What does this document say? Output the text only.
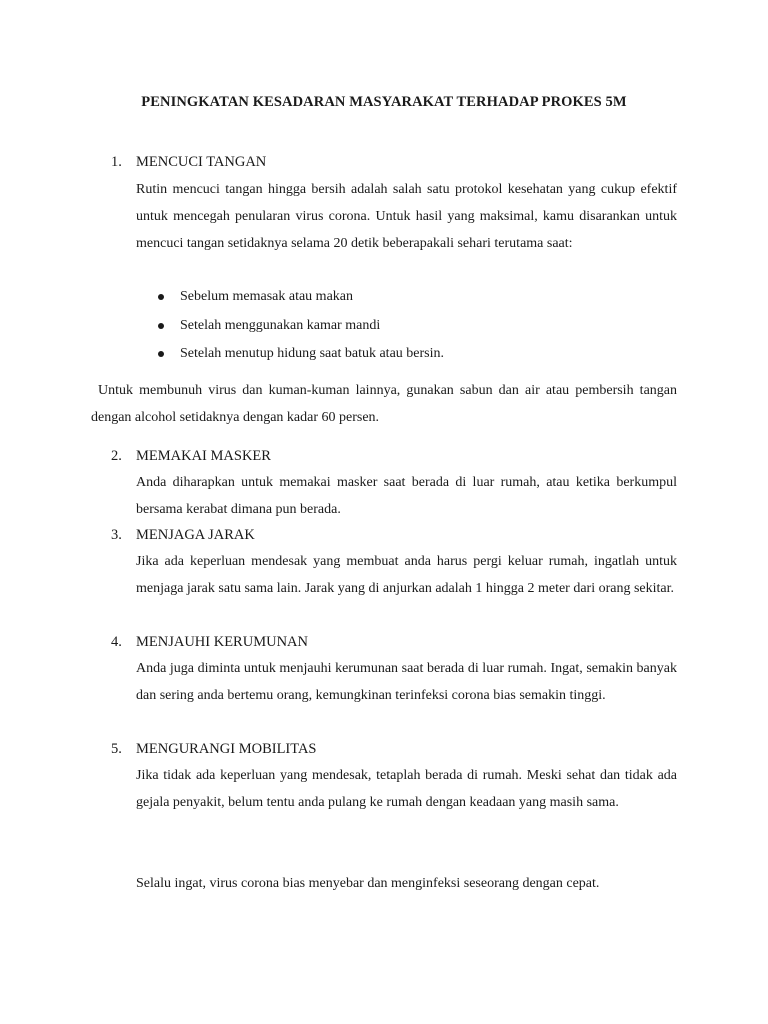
PENINGKATAN KESADARAN MASYARAKAT TERHADAP PROKES 5M
1. MENCUCI TANGAN
Rutin mencuci tangan hingga bersih adalah salah satu protokol kesehatan yang cukup efektif untuk mencegah penularan virus corona. Untuk hasil yang maksimal, kamu disarankan untuk mencuci tangan setidaknya selama 20 detik beberapakali sehari terutama saat:
Sebelum memasak atau makan
Setelah menggunakan kamar mandi
Setelah menutup hidung saat batuk atau bersin.
Untuk membunuh virus dan kuman-kuman lainnya, gunakan sabun dan air atau pembersih tangan dengan alcohol setidaknya dengan kadar 60 persen.
2. MEMAKAI MASKER
Anda diharapkan untuk memakai masker saat berada di luar rumah, atau ketika berkumpul bersama kerabat dimana pun berada.
3. MENJAGA JARAK
Jika ada keperluan mendesak yang membuat anda harus pergi keluar rumah, ingatlah untuk menjaga jarak satu sama lain. Jarak yang di anjurkan adalah 1 hingga 2 meter dari orang sekitar.
4. MENJAUHI KERUMUNAN
Anda juga diminta untuk menjauhi kerumunan saat berada di luar rumah. Ingat, semakin banyak dan sering anda bertemu orang, kemungkinan terinfeksi corona bias semakin tinggi.
5. MENGURANGI MOBILITAS
Jika tidak ada keperluan yang mendesak, tetaplah berada di rumah. Meski sehat dan tidak ada gejala penyakit, belum tentu anda pulang ke rumah dengan keadaan yang masih sama.
Selalu ingat, virus corona bias menyebar dan menginfeksi seseorang dengan cepat.
